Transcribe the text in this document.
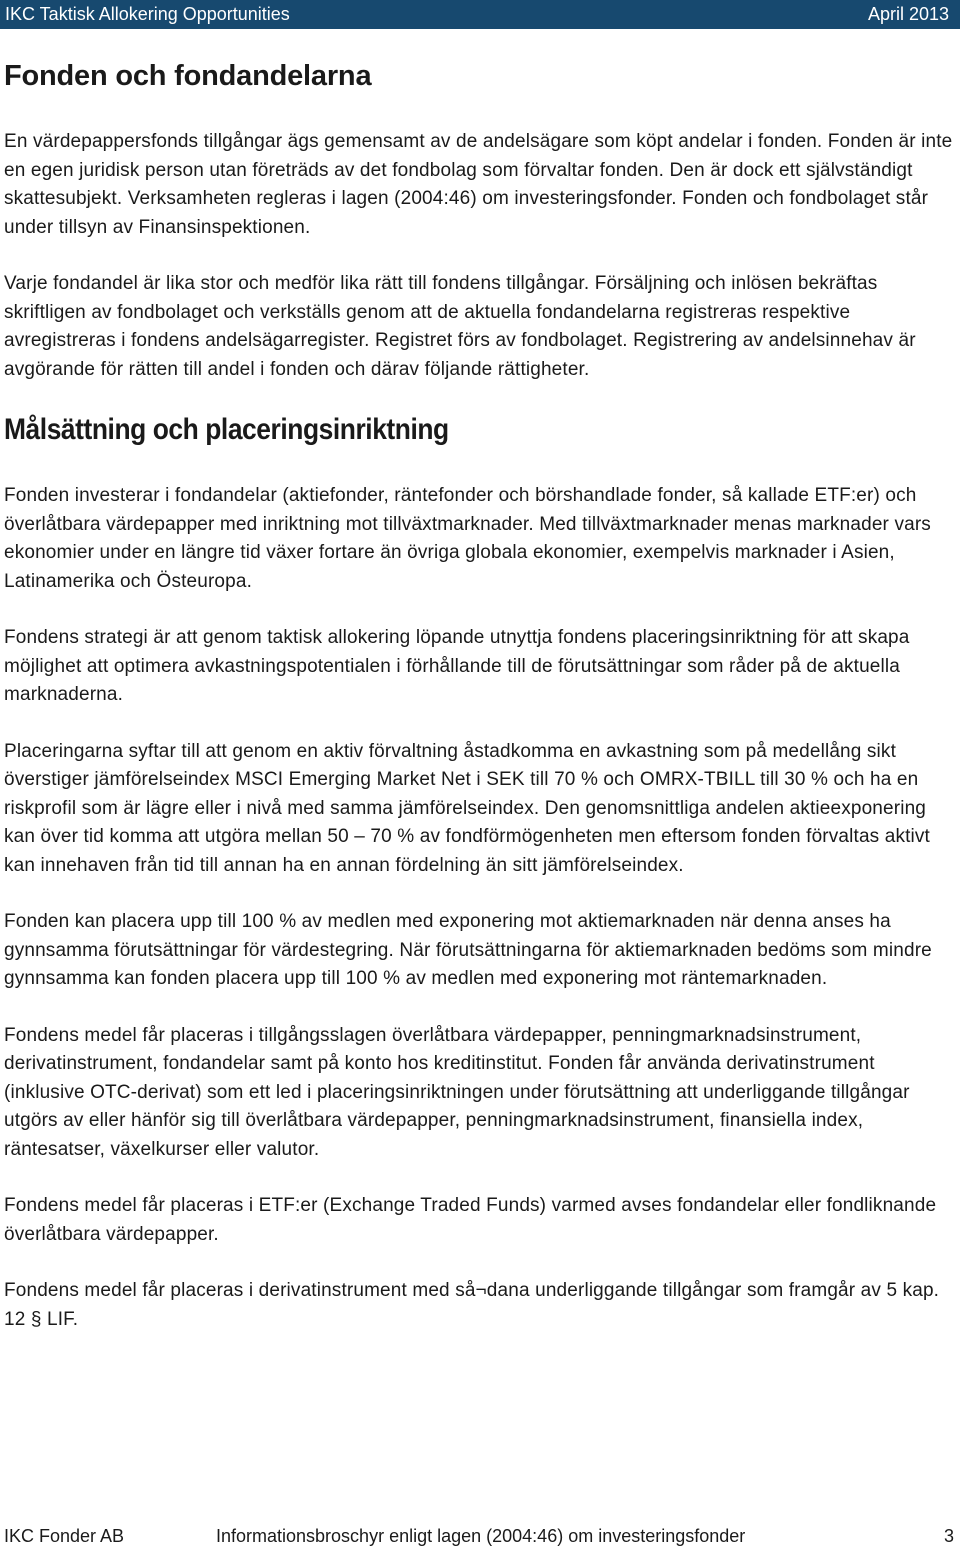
IKC Taktisk Allokering Opportunities	April 2013
Fonden och fondandelarna

En värdepappersfonds tillgångar ägs gemensamt av de andelsägare som köpt andelar i fonden. Fonden är inte en egen juridisk person utan företräds av det fondbolag som förvaltar fonden. Den är dock ett självständigt skattesubjekt. Verksamheten regleras i lagen (2004:46) om investeringsfonder. Fonden och fondbolaget står under tillsyn av Finansinspektionen.

Varje fondandel är lika stor och medför lika rätt till fondens tillgångar. Försäljning och inlösen bekräftas skriftligen av fondbolaget och verkställs genom att de aktuella fondandelarna registreras respektive avregistreras i fondens andelsägarregister. Registret förs av fondbolaget. Registrering av andelsinnehav är avgörande för rätten till andel i fonden och därav följande rättigheter.

Målsättning och placeringsinriktning

Fonden investerar i fondandelar (aktiefonder, räntefonder och börshandlade fonder, så kallade ETF:er) och överlåtbara värdepapper med inriktning mot tillväxtmarknader. Med tillväxtmarknader menas marknader vars ekonomier under en längre tid växer fortare än övriga globala ekonomier, exempelvis marknader i Asien, Latinamerika och Östeuropa.

Fondens strategi är att genom taktisk allokering löpande utnyttja fondens placeringsinriktning för att skapa möjlighet att optimera avkastningspotentialen i förhållande till de förutsättningar som råder på de aktuella marknaderna.

Placeringarna syftar till att genom en aktiv förvaltning åstadkomma en avkastning som på medellång sikt överstiger jämförelseindex MSCI Emerging Market Net i SEK till 70 % och OMRX-TBILL till 30 % och ha en riskprofil som är lägre eller i nivå med samma jämförelseindex. Den genomsnittliga andelen aktieexponering kan över tid komma att utgöra mellan 50 – 70 % av fondförmögenheten men eftersom fonden förvaltas aktivt kan innehaven från tid till annan ha en annan fördelning än sitt jämförelseindex.

Fonden kan placera upp till 100 % av medlen med exponering mot aktiemarknaden när denna anses ha gynnsamma förutsättningar för värdestegring. När förutsättningarna för aktiemarknaden bedöms som mindre gynnsamma kan fonden placera upp till 100 % av medlen med exponering mot räntemarknaden.

Fondens medel får placeras i tillgångsslagen överlåtbara värdepapper, penningmarknadsinstrument, derivatinstrument, fondandelar samt på konto hos kreditinstitut. Fonden får använda derivatinstrument (inklusive OTC-derivat) som ett led i placeringsinriktningen under förutsättning att underliggande tillgångar utgörs av eller hänför sig till överlåtbara värdepapper, penningmarknadsinstrument, finansiella index, räntesatser, växelkurser eller valutor.

Fondens medel får placeras i ETF:er (Exchange Traded Funds) varmed avses fondandelar eller fondliknande överlåtbara värdepapper.

Fondens medel får placeras i derivatinstrument med så¬dana underliggande tillgångar som framgår av 5 kap. 12 § LIF.

IKC Fonder AB	Informationsbroschyr enligt lagen (2004:46) om investeringsfonder	3
